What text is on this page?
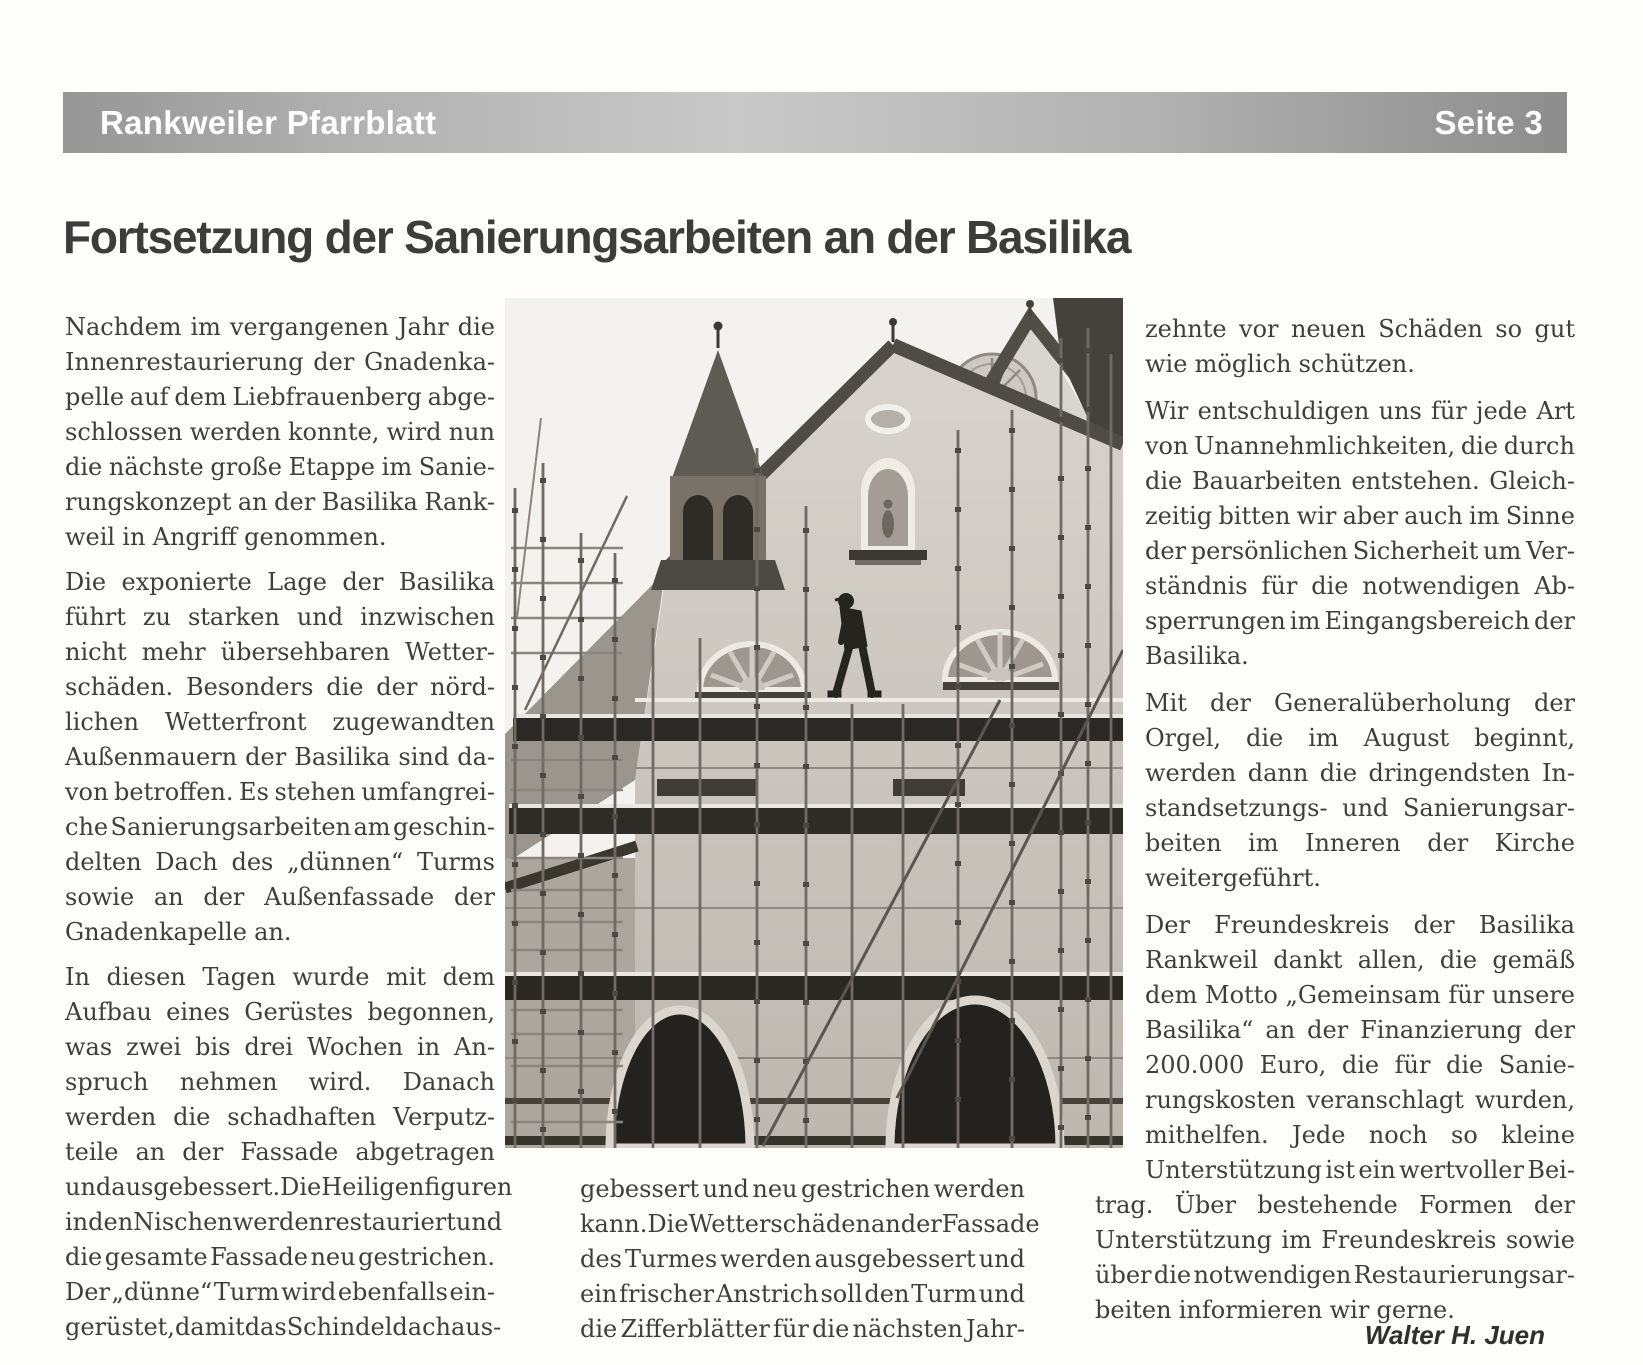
Rankweiler Pfarrblatt	Seite 3
Fortsetzung der Sanierungsarbeiten an der Basilika
Nachdem im vergangenen Jahr die
Innenrestaurierung der Gnadenka-
pelle auf dem Liebfrauenberg abge-
schlossen werden konnte, wird nun
die nächste große Etappe im Sanie-
rungskonzept an der Basilika Rank-
weil in Angriff genommen.
Die exponierte Lage der Basilika
führt zu starken und inzwischen
nicht mehr übersehbaren Wetter-
schäden. Besonders die der nörd-
lichen Wetterfront zugewandten
Außenmauern der Basilika sind da-
von betroffen. Es stehen umfangrei-
che Sanierungsarbeiten am geschin-
delten Dach des „dünnen“ Turms
sowie an der Außenfassade der
Gnadenkapelle an.
In diesen Tagen wurde mit dem
Aufbau eines Gerüstes begonnen,
was zwei bis drei Wochen in An-
spruch nehmen wird. Danach
werden die schadhaften Verputz-
teile an der Fassade abgetragen
und ausgebessert. Die Heiligenfiguren
in den Nischen werden restauriert und
die gesamte Fassade neu gestrichen.
Der „dünne“ Turm wird ebenfalls ein-
gerüstet, damit das Schindeldach aus-
gebessert und neu gestrichen werden
kann. Die Wetterschäden an der Fassade
des Turmes werden ausgebessert und
ein frischer Anstrich soll den Turm und
die Zifferblätter für die nächsten Jahr-
zehnte vor neuen Schäden so gut
wie möglich schützen.
Wir entschuldigen uns für jede Art
von Unannehmlichkeiten, die durch
die Bauarbeiten entstehen. Gleich-
zeitig bitten wir aber auch im Sinne
der persönlichen Sicherheit um Ver-
ständnis für die notwendigen Ab-
sperrungen im Eingangsbereich der
Basilika.
Mit der Generalüberholung der
Orgel, die im August beginnt,
werden dann die dringendsten In-
standsetzungs- und Sanierungsar-
beiten im Inneren der Kirche
weitergeführt.
Der Freundeskreis der Basilika
Rankweil dankt allen, die gemäß
dem Motto „Gemeinsam für unsere
Basilika“ an der Finanzierung der
200.000 Euro, die für die Sanie-
rungskosten veranschlagt wurden,
mithelfen. Jede noch so kleine
Unterstützung ist ein wertvoller Bei-
trag. Über bestehende Formen der
Unterstützung im Freundeskreis sowie
über die notwendigen Restaurierungsar-
beiten informieren wir gerne.
Walter H. Juen
